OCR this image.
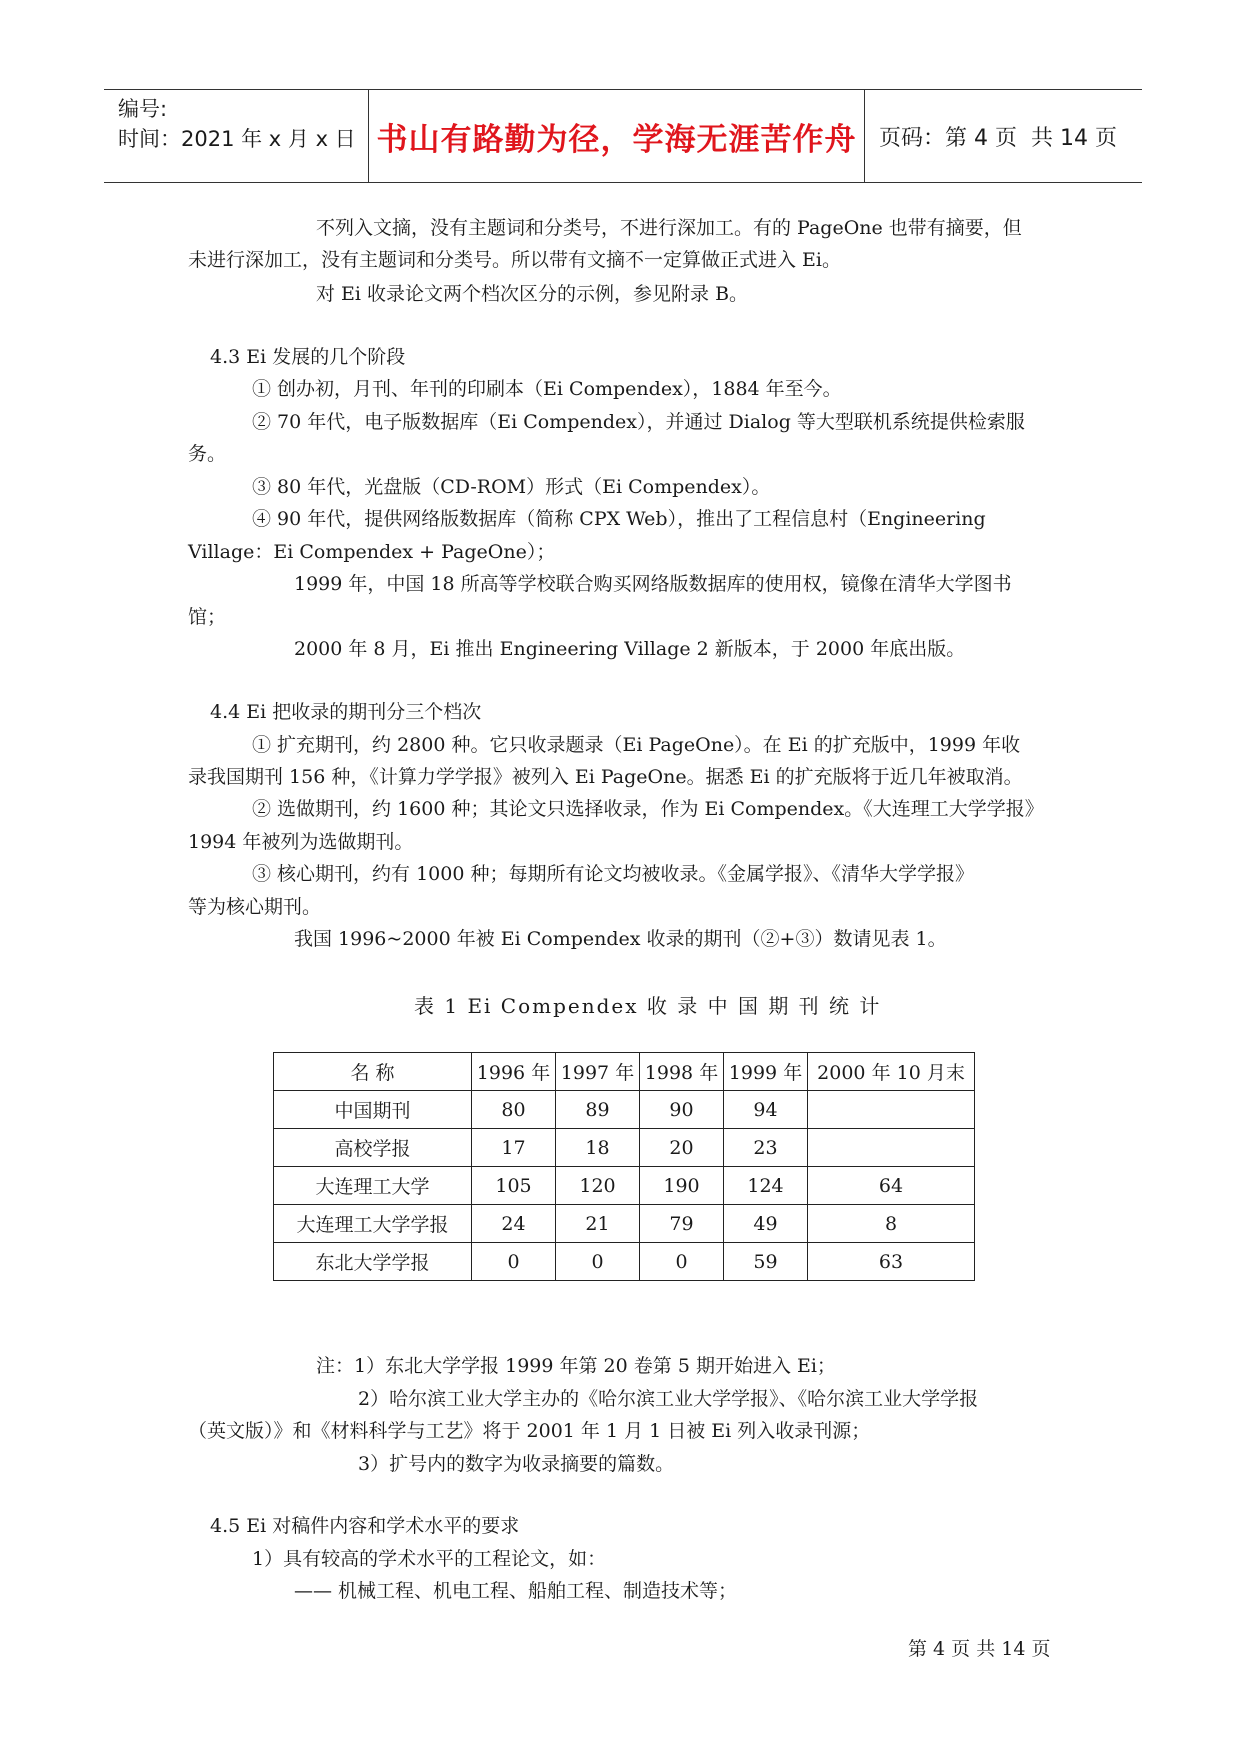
编号:
时间：2021 年 x 月 x 日 书山有路勤为径，学海无涯苦作舟 页码：第 4 页  共 14 页
不列入文摘，没有主题词和分类号，不进行深加工。有的 PageOne 也带有摘要，但
未进行深加工，没有主题词和分类号。所以带有文摘不一定算做正式进入 Ei。
对 Ei 收录论文两个档次区分的示例，参见附录 B。
4.3 Ei 发展的几个阶段
① 创办初，月刊、年刊的印刷本（Ei Compendex），1884 年至今。
② 70 年代，电子版数据库（Ei Compendex），并通过 Dialog 等大型联机系统提供检索服
务。
③ 80 年代，光盘版（CD-ROM）形式（Ei Compendex）。
④ 90 年代，提供网络版数据库（简称 CPX Web），推出了工程信息村（Engineering
Village：Ei Compendex + PageOne）；
1999 年，中国 18 所高等学校联合购买网络版数据库的使用权，镜像在清华大学图书
馆；
2000 年 8 月，Ei 推出 Engineering Village 2 新版本，于 2000 年底出版。
4.4 Ei 把收录的期刊分三个档次
① 扩充期刊，约 2800 种。它只收录题录（Ei PageOne）。在 Ei 的扩充版中，1999 年收
录我国期刊 156 种，《计算力学学报》被列入 Ei PageOne。据悉 Ei 的扩充版将于近几年被取消。
② 选做期刊，约 1600 种；其论文只选择收录，作为 Ei Compendex。《大连理工大学学报》
1994 年被列为选做期刊。
③ 核心期刊，约有 1000 种；每期所有论文均被收录。《金属学报》、《清华大学学报》
等为核心期刊。
我国 1996~2000 年被 Ei Compendex 收录的期刊（②+③）数请见表 1。
表 1 Ei Compendex 收 录 中 国 期 刊 统 计
名 称	1996 年	1997 年	1998 年	1999 年	2000 年 10 月末
中国期刊	80	89	90	94	
高校学报	17	18	20	23	
大连理工大学	105	120	190	124	64
大连理工大学学报	24	21	79	49	8
东北大学学报	0	0	0	59	63
注：1）东北大学学报 1999 年第 20 卷第 5 期开始进入 Ei；
2）哈尔滨工业大学主办的《哈尔滨工业大学学报》、《哈尔滨工业大学学报
（英文版）》和《材料科学与工艺》将于 2001 年 1 月 1 日被 Ei 列入收录刊源；
3）扩号内的数字为收录摘要的篇数。
4.5 Ei 对稿件内容和学术水平的要求
1）具有较高的学术水平的工程论文，如：
—— 机械工程、机电工程、船舶工程、制造技术等；
第 4 页 共 14 页
